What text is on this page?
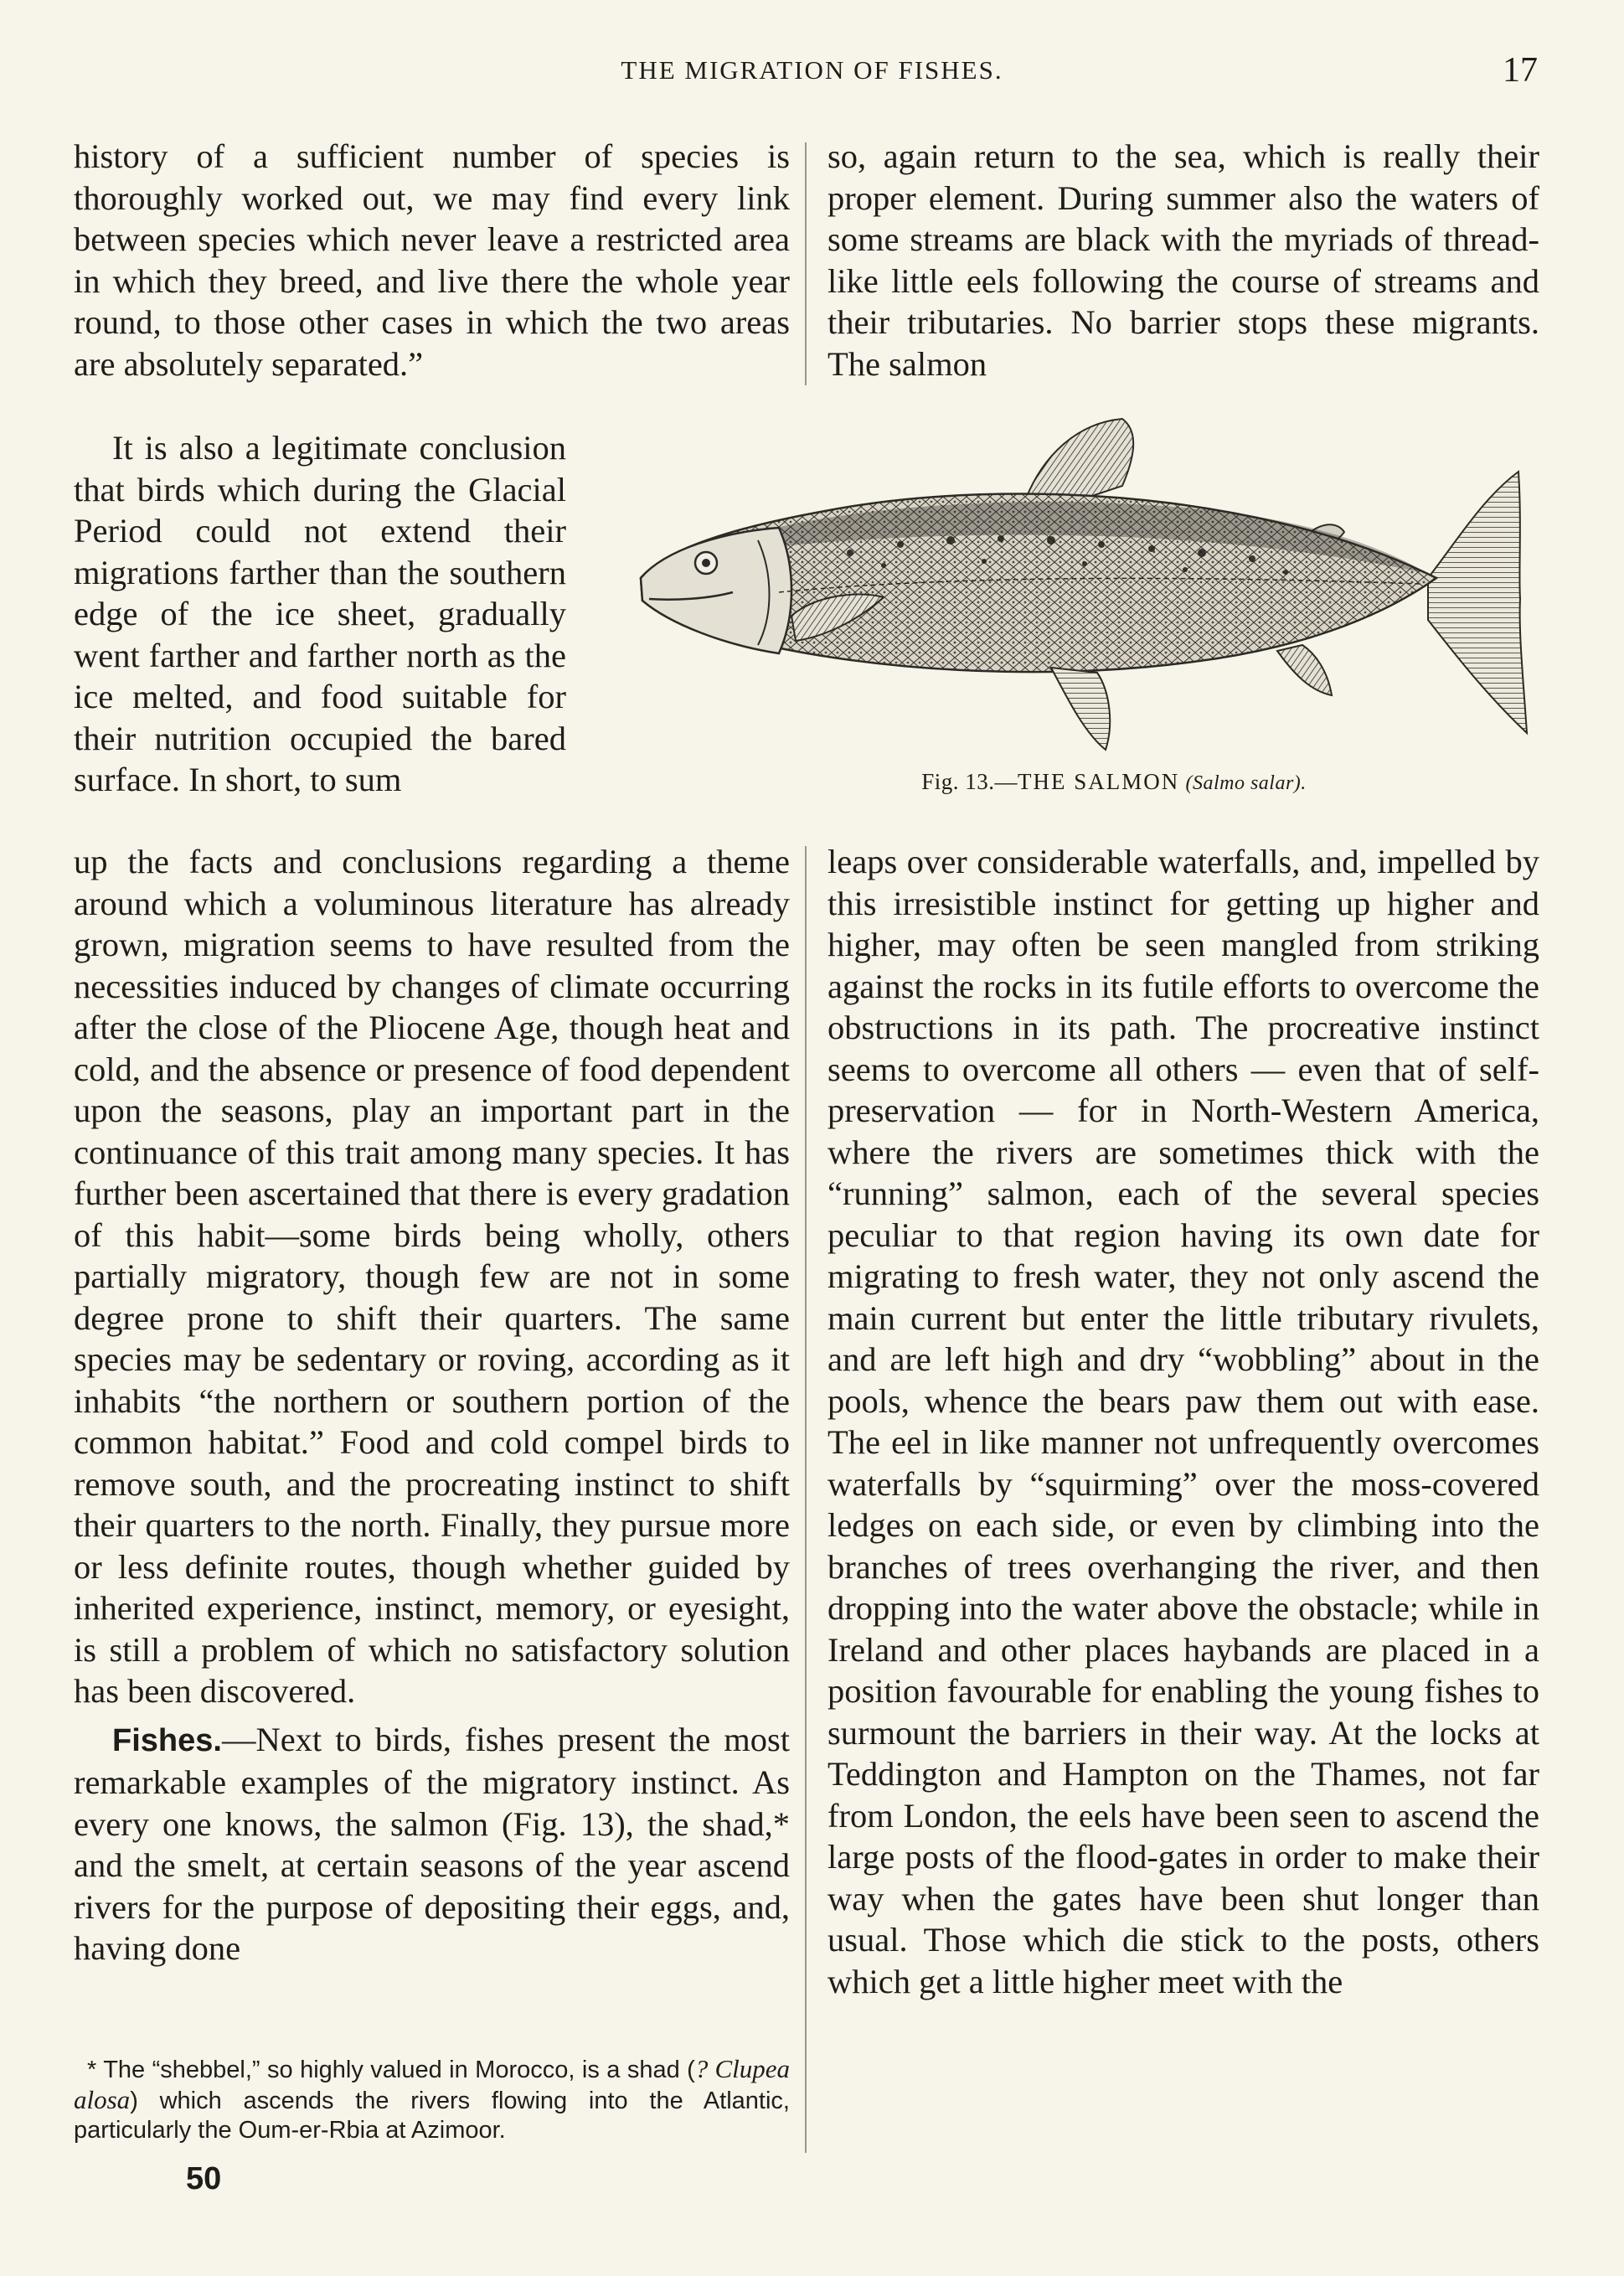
THE MIGRATION OF FISHES.	17

history of a sufficient number of species is thoroughly worked out, we may find every link between species which never leave a restricted area in which they breed, and live there the whole year round, to those other cases in which the two areas are absolutely separated.”

It is also a legitimate conclusion that birds which during the Glacial Period could not extend their migrations farther than the southern edge of the ice sheet, gradually went farther and farther north as the ice melted, and food suitable for their nutrition occupied the bared surface. In short, to sum

up the facts and conclusions regarding a theme around which a voluminous literature has already grown, migration seems to have resulted from the necessities induced by changes of climate occurring after the close of the Pliocene Age, though heat and cold, and the absence or presence of food dependent upon the seasons, play an important part in the continuance of this trait among many species. It has further been ascertained that there is every gradation of this habit—some birds being wholly, others partially migratory, though few are not in some degree prone to shift their quarters. The same species may be sedentary or roving, according as it inhabits “the northern or southern portion of the common habitat.” Food and cold compel birds to remove south, and the procreating instinct to shift their quarters to the north. Finally, they pursue more or less definite routes, though whether guided by inherited experience, instinct, memory, or eyesight, is still a problem of which no satisfactory solution has been discovered.

Fishes.—Next to birds, fishes present the most remarkable examples of the migratory instinct. As every one knows, the salmon (Fig. 13), the shad,* and the smelt, at certain seasons of the year ascend rivers for the purpose of depositing their eggs, and, having done

so, again return to the sea, which is really their proper element. During summer also the waters of some streams are black with the myriads of thread-like little eels following the course of streams and their tributaries. No barrier stops these migrants. The salmon

leaps over considerable waterfalls, and, impelled by this irresistible instinct for getting up higher and higher, may often be seen mangled from striking against the rocks in its futile efforts to overcome the obstructions in its path. The procreative instinct seems to overcome all others — even that of self-preservation — for in North-Western America, where the rivers are sometimes thick with the “running” salmon, each of the several species peculiar to that region having its own date for migrating to fresh water, they not only ascend the main current but enter the little tributary rivulets, and are left high and dry “wobbling” about in the pools, whence the bears paw them out with ease. The eel in like manner not unfrequently overcomes waterfalls by “squirming” over the moss-covered ledges on each side, or even by climbing into the branches of trees overhanging the river, and then dropping into the water above the obstacle; while in Ireland and other places haybands are placed in a position favourable for enabling the young fishes to surmount the barriers in their way. At the locks at Teddington and Hampton on the Thames, not far from London, the eels have been seen to ascend the large posts of the flood-gates in order to make their way when the gates have been shut longer than usual. Those which die stick to the posts, others which get a little higher meet with the

Fig. 13.—THE SALMON (Salmo salar).

* The “shebbel,” so highly valued in Morocco, is a shad (? Clupea alosa) which ascends the rivers flowing into the Atlantic, particularly the Oum-er-Rbia at Azimoor.

50
